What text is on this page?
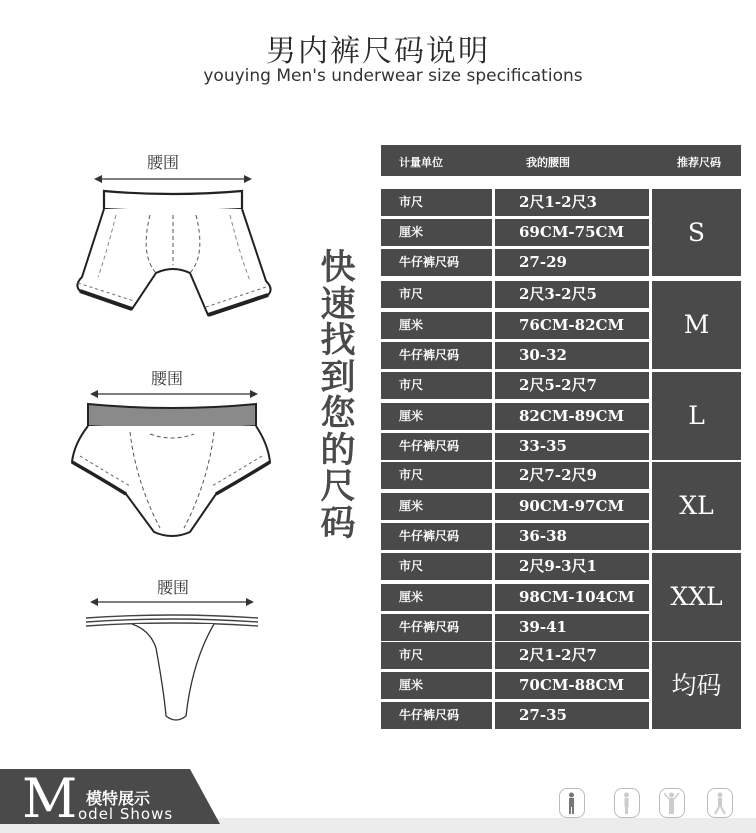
男内裤尺码说明
youying Men's underwear size specifications
腰围
腰围
腰围
快
速
找
到
您
的
尺
码
计量单位	我的腰围	推荐尺码
市尺	2尺1-2尺3
厘米	69CM-75CM
牛仔裤尺码	27-29
S
市尺	2尺3-2尺5
厘米	76CM-82CM
牛仔裤尺码	30-32
M
市尺	2尺5-2尺7
厘米	82CM-89CM
牛仔裤尺码	33-35
L
市尺	2尺7-2尺9
厘米	90CM-97CM
牛仔裤尺码	36-38
XL
市尺	2尺9-3尺1
厘米	98CM-104CM
牛仔裤尺码	39-41
XXL
市尺	2尺1-2尺7
厘米	70CM-88CM
牛仔裤尺码	27-35
均码
M 模特展示
odel Shows
